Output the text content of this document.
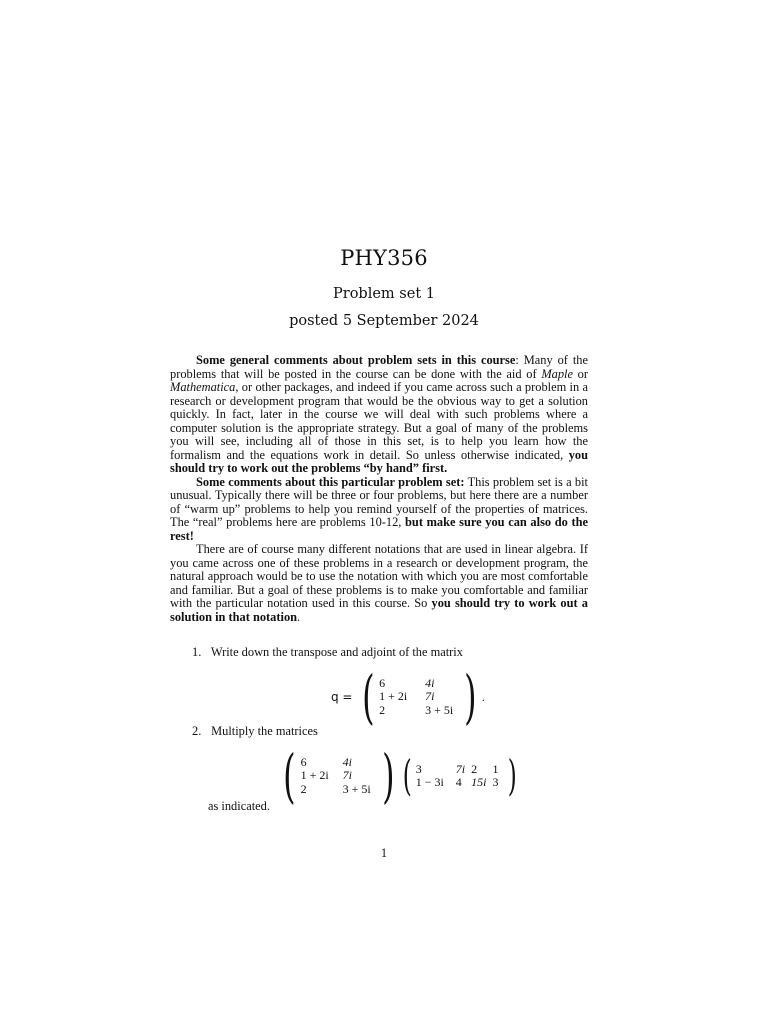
PHY356
Problem set 1
posted 5 September 2024

Some general comments about problem sets in this course: Many of the problems that will be posted in the course can be done with the aid of Maple or Mathematica, or other packages, and indeed if you came across such a problem in a research or development program that would be the obvious way to get a solution quickly. In fact, later in the course we will deal with such problems where a computer solution is the appropriate strategy. But a goal of many of the problems you will see, including all of those in this set, is to help you learn how the formalism and the equations work in detail. So unless otherwise indicated, you should try to work out the problems “by hand” first.

Some comments about this particular problem set: This problem set is a bit unusual. Typically there will be three or four problems, but here there are a number of “warm up” problems to help you remind yourself of the properties of matrices. The “real” problems here are problems 10-12, but make sure you can also do the rest!

There are of course many different notations that are used in linear algebra. If you came across one of these problems in a research or development program, the natural approach would be to use the notation with which you are most comfortable and familiar. But a goal of these problems is to make you comfortable and familiar with the particular notation used in this course. So you should try to work out a solution in that notation.

1. Write down the transpose and adjoint of the matrix
q = ( 6	4i
1 + 2i	7i
2	3 + 5i ) .
2. Multiply the matrices
( 6	4i
1 + 2i	7i
2	3 + 5i ) ( 3	7i	2	1
1 − 3i	4	15i	3 )
as indicated.
1
